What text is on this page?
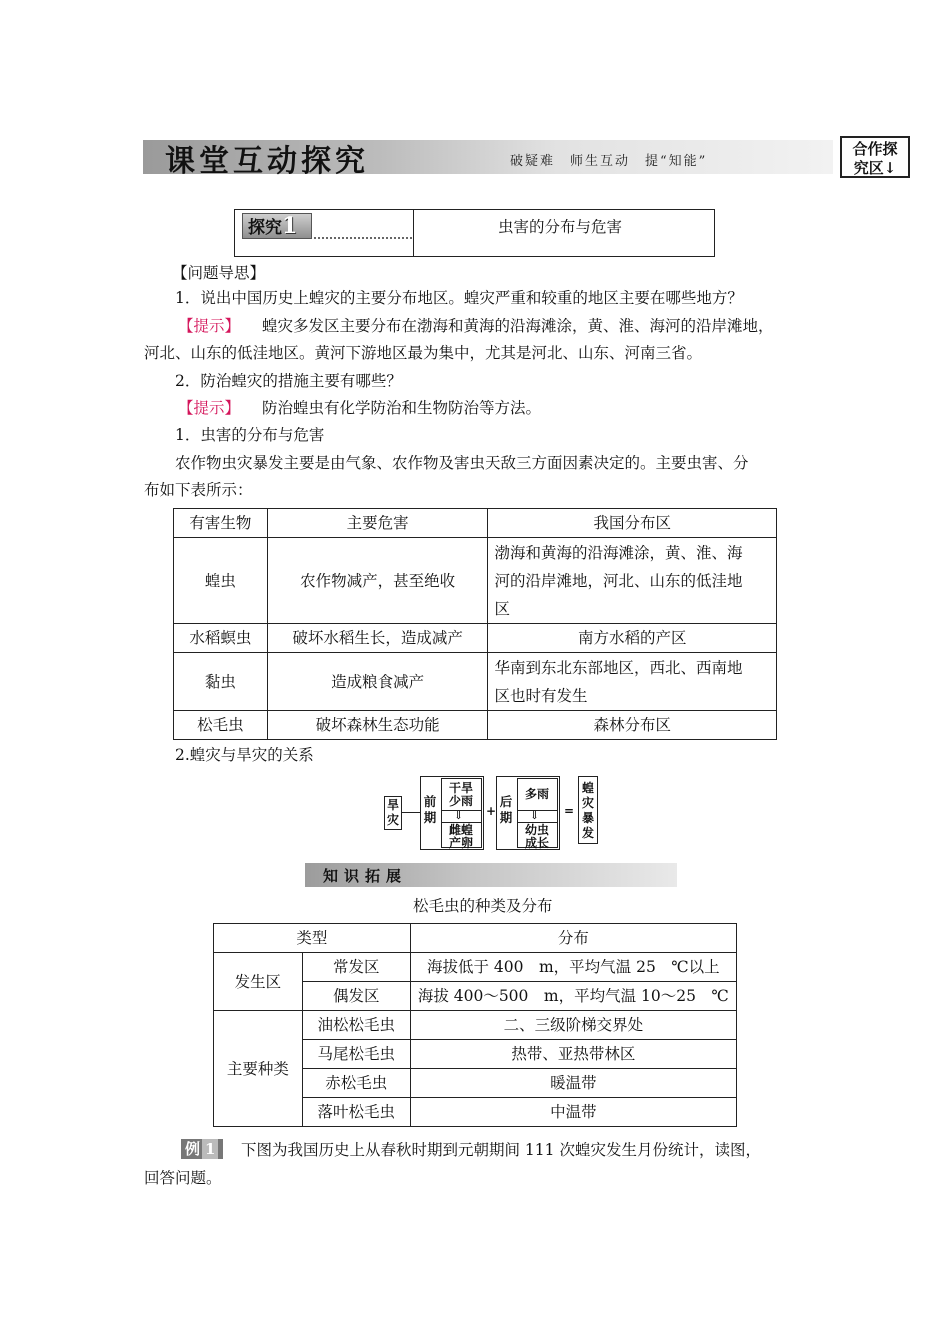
课堂互动探究	破疑难　师生互动　提“知能”
合作探
究区↓
探究1	虫害的分布与危害
【问题导思】
1．说出中国历史上蝗灾的主要分布地区。蝗灾严重和较重的地区主要在哪些地方？
【提示】 蝗灾多发区主要分布在渤海和黄海的沿海滩涂，黄、淮、海河的沿岸滩地，
河北、山东的低洼地区。黄河下游地区最为集中，尤其是河北、山东、河南三省。
2．防治蝗灾的措施主要有哪些？
【提示】 防治蝗虫有化学防治和生物防治等方法。
1．虫害的分布与危害
农作物虫灾暴发主要是由气象、农作物及害虫天敌三方面因素决定的。主要虫害、分
布如下表所示：
有害生物	主要危害	我国分布区
蝗虫	农作物减产，甚至绝收	渤海和黄海的沿海滩涂，黄、淮、海
河的沿岸滩地，河北、山东的低洼地
区

水稻螟虫	破坏水稻生长，造成减产	南方水稻的产区
黏虫	造成粮食减产	华南到东北东部地区，西北、西南地
区也时有发生

松毛虫	破坏森林生态功能	森林分布区
2.蝗灾与旱灾的关系
旱灾
前期
干旱少雨
⇓
雌蝗产卵
+
后期
多雨
⇓
幼虫成长
=
蝗灾暴发
知识拓展
松毛虫的种类及分布
类型		分布
发生区	常发区	海拔低于 400　m，平均气温 25　℃以上
	偶发区	海拔 400～500　m，平均气温 10～25　℃
主要种类	油松松毛虫	二、三级阶梯交界处
	马尾松毛虫	热带、亚热带林区
	赤松毛虫	暖温带
	落叶松毛虫	中温带
例 1	下图为我国历史上从春秋时期到元朝期间 111 次蝗灾发生月份统计，读图，
回答问题。
